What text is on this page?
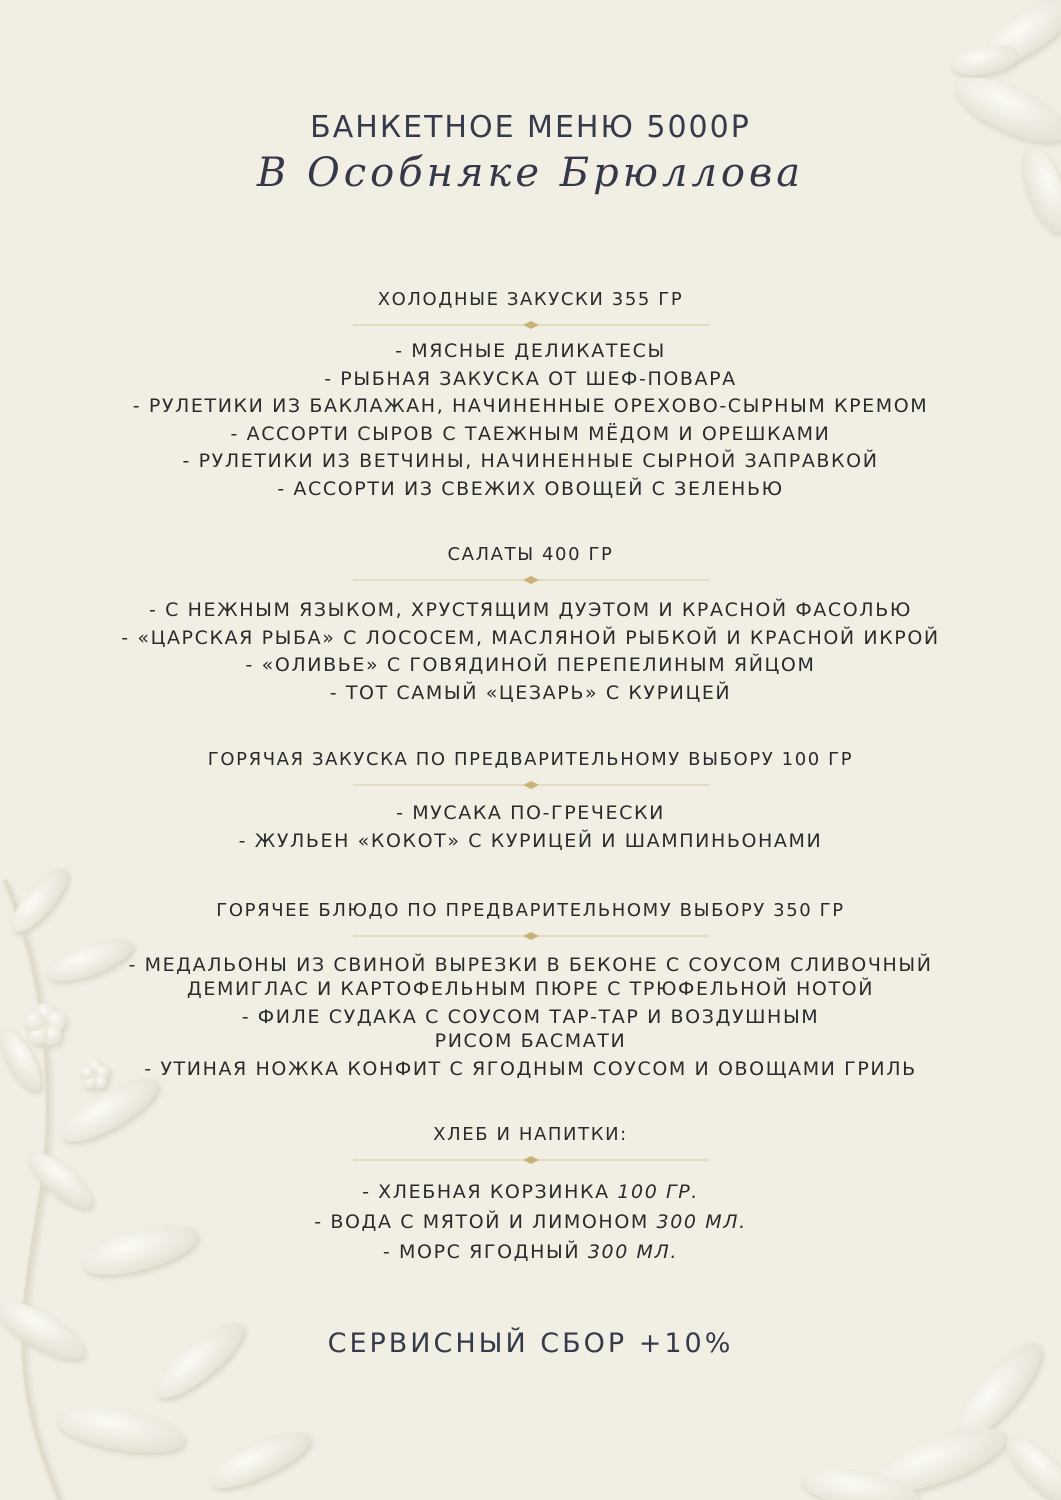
БАНКЕТНОЕ МЕНЮ 5000Р
В Особняке Брюллова
ХОЛОДНЫЕ ЗАКУСКИ 355 ГР
- МЯСНЫЕ ДЕЛИКАТЕСЫ
- РЫБНАЯ ЗАКУСКА ОТ ШЕФ-ПОВАРА
- РУЛЕТИКИ ИЗ БАКЛАЖАН, НАЧИНЕННЫЕ ОРЕХОВО-СЫРНЫМ КРЕМОМ
- АССОРТИ СЫРОВ С ТАЕЖНЫМ МЁДОМ И ОРЕШКАМИ
- РУЛЕТИКИ ИЗ ВЕТЧИНЫ, НАЧИНЕННЫЕ СЫРНОЙ ЗАПРАВКОЙ
- АССОРТИ ИЗ СВЕЖИХ ОВОЩЕЙ С ЗЕЛЕНЬЮ
САЛАТЫ 400 ГР
- С НЕЖНЫМ ЯЗЫКОМ, ХРУСТЯЩИМ ДУЭТОМ И КРАСНОЙ ФАСОЛЬЮ
- «ЦАРСКАЯ РЫБА» С ЛОСОСЕМ, МАСЛЯНОЙ РЫБКОЙ И КРАСНОЙ ИКРОЙ
- «ОЛИВЬЕ» С ГОВЯДИНОЙ ПЕРЕПЕЛИНЫМ ЯЙЦОМ
- ТОТ САМЫЙ «ЦЕЗАРЬ» С КУРИЦЕЙ
ГОРЯЧАЯ ЗАКУСКА ПО ПРЕДВАРИТЕЛЬНОМУ ВЫБОРУ 100 ГР
- МУСАКА ПО-ГРЕЧЕСКИ
- ЖУЛЬЕН «КОКОТ» С КУРИЦЕЙ И ШАМПИНЬОНАМИ
ГОРЯЧЕЕ БЛЮДО ПО ПРЕДВАРИТЕЛЬНОМУ ВЫБОРУ 350 ГР
- МЕДАЛЬОНЫ ИЗ СВИНОЙ ВЫРЕЗКИ В БЕКОНЕ С СОУСОМ СЛИВОЧНЫЙ
ДЕМИГЛАС И КАРТОФЕЛЬНЫМ ПЮРЕ С ТРЮФЕЛЬНОЙ НОТОЙ
- ФИЛЕ СУДАКА С СОУСОМ ТАР-ТАР И ВОЗДУШНЫМ
РИСОМ БАСМАТИ
- УТИНАЯ НОЖКА КОНФИТ С ЯГОДНЫМ СОУСОМ И ОВОЩАМИ ГРИЛЬ
ХЛЕБ И НАПИТКИ:
- ХЛЕБНАЯ КОРЗИНКА 100 ГР.
- ВОДА С МЯТОЙ И ЛИМОНОМ 300 МЛ.
- МОРС ЯГОДНЫЙ 300 МЛ.
СЕРВИСНЫЙ СБОР +10%
